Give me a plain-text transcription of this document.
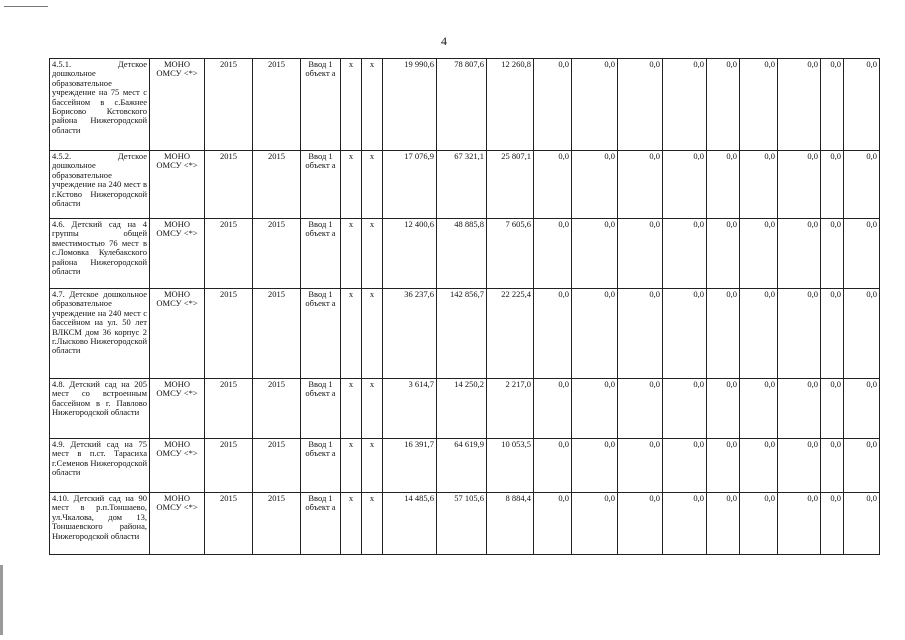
4
4.5.1. Детское дошкольное образовательное учреждение на 75 мест с бассейном в с.Бажнее Борисово Кстовского района Нижегородской области	МОНО ОМСУ <*>	2015	2015	Ввод 1 объект а	х	х	19 990,6	78 807,6	12 260,8	0,0	0,0	0,0	0,0	0,0	0,0	0,0	0,0	0,0
4.5.2. Детское дошкольное образовательное учреждение на 240 мест в г.Кстово Нижегородской области	МОНО ОМСУ <*>	2015	2015	Ввод 1 объект а	х	х	17 076,9	67 321,1	25 807,1	0,0	0,0	0,0	0,0	0,0	0,0	0,0	0,0	0,0
4.6. Детский сад на 4 группы общей вместимостью 76 мест в с.Ломовка Кулебакского района Нижегородской области	МОНО ОМСУ <*>	2015	2015	Ввод 1 объект а	х	х	12 400,6	48 885,8	7 605,6	0,0	0,0	0,0	0,0	0,0	0,0	0,0	0,0	0,0
4.7. Детское дошкольное образовательное учреждение на 240 мест с бассейном на ул. 50 лет ВЛКСМ дом 36 корпус 2 г.Лысково Нижегородской области	МОНО ОМСУ <*>	2015	2015	Ввод 1 объект а	х	х	36 237,6	142 856,7	22 225,4	0,0	0,0	0,0	0,0	0,0	0,0	0,0	0,0	0,0
4.8. Детский сад на 205 мест со встроенным бассейном в г. Павлово Нижегородской области	МОНО ОМСУ <*>	2015	2015	Ввод 1 объект а	х	х	3 614,7	14 250,2	2 217,0	0,0	0,0	0,0	0,0	0,0	0,0	0,0	0,0	0,0
4.9. Детский сад на 75 мест в п.ст. Тарасиха г.Семенов Нижегородской области	МОНО ОМСУ <*>	2015	2015	Ввод 1 объект а	х	х	16 391,7	64 619,9	10 053,5	0,0	0,0	0,0	0,0	0,0	0,0	0,0	0,0	0,0
4.10. Детский сад на 90 мест в р.п.Тоншаево, ул.Чкалова, дом 13, Тоншаевского района, Нижегородской области	МОНО ОМСУ <*>	2015	2015	Ввод 1 объект а	х	х	14 485,6	57 105,6	8 884,4	0,0	0,0	0,0	0,0	0,0	0,0	0,0	0,0	0,0
